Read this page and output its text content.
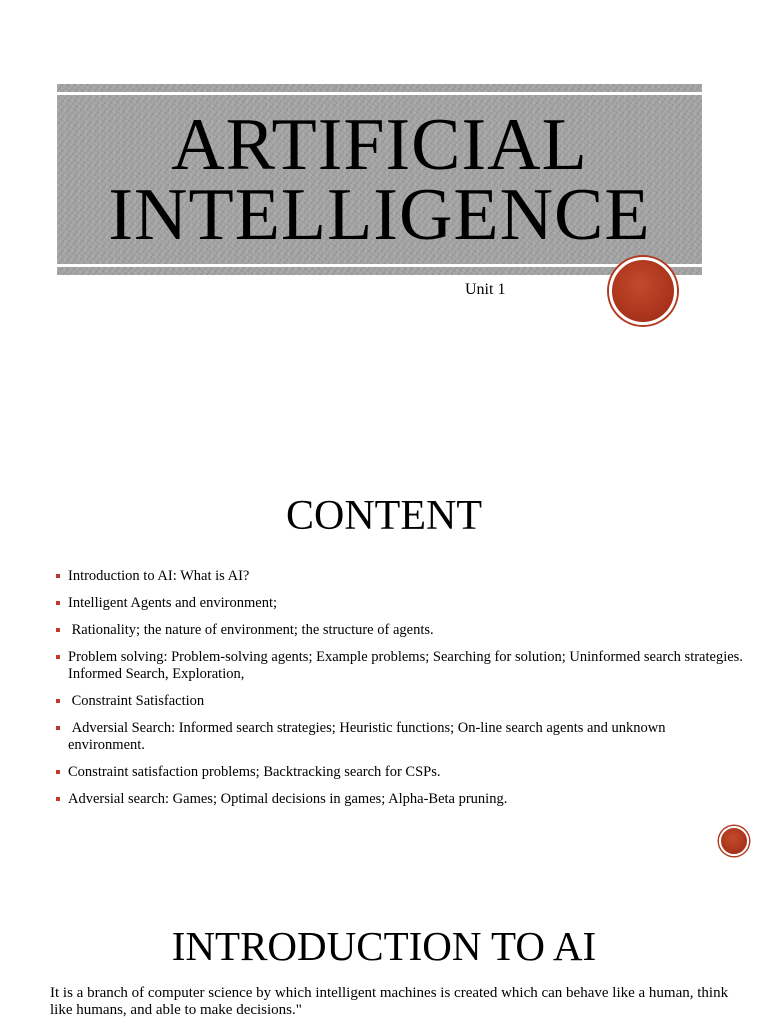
ARTIFICIAL
INTELLIGENCE
Unit 1
CONTENT
Introduction to AI: What is AI?
Intelligent Agents and environment;
Rationality; the nature of environment; the structure of agents.
Problem solving: Problem-solving agents; Example problems; Searching for solution; Uninformed search strategies. Informed Search, Exploration,
Constraint Satisfaction
Adversial Search: Informed search strategies; Heuristic functions; On-line search agents and unknown environment.
Constraint satisfaction problems; Backtracking search for CSPs.
Adversial search: Games; Optimal decisions in games; Alpha-Beta pruning.
INTRODUCTION TO AI

It is a branch of computer science by which intelligent machines is created which can behave like a human, think like humans, and able to make decisions."
